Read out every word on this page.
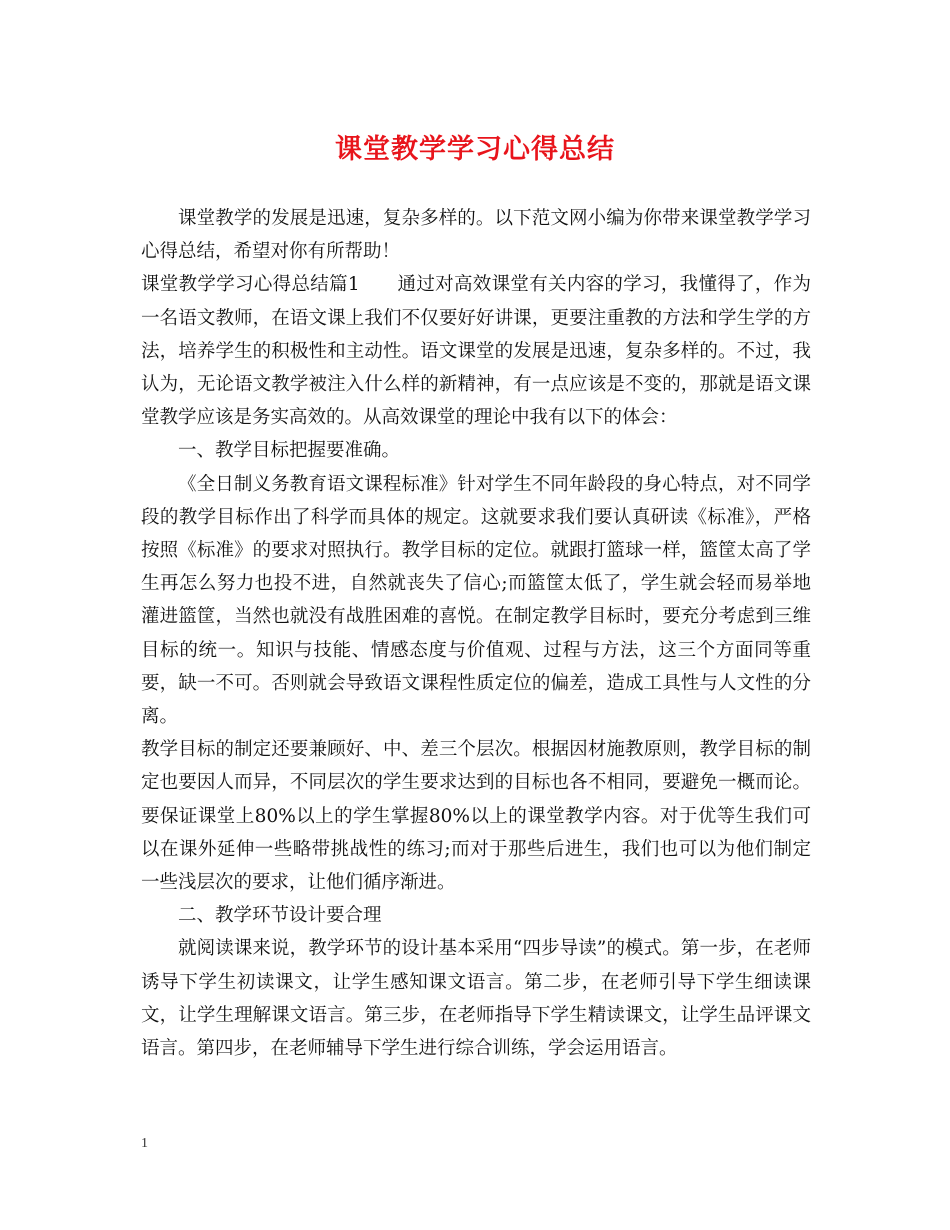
课堂教学学习心得总结

课堂教学的发展是迅速，复杂多样的。以下范文网小编为你带来课堂教学学习心得总结，希望对你有所帮助！

课堂教学学习心得总结篇1　　通过对高效课堂有关内容的学习，我懂得了，作为一名语文教师，在语文课上我们不仅要好好讲课，更要注重教的方法和学生学的方法，培养学生的积极性和主动性。语文课堂的发展是迅速，复杂多样的。不过，我认为，无论语文教学被注入什么样的新精神，有一点应该是不变的，那就是语文课堂教学应该是务实高效的。从高效课堂的理论中我有以下的体会：

一、教学目标把握要准确。

《全日制义务教育语文课程标准》针对学生不同年龄段的身心特点，对不同学段的教学目标作出了科学而具体的规定。这就要求我们要认真研读《标准》，严格按照《标准》的要求对照执行。教学目标的定位。就跟打篮球一样，篮筐太高了学生再怎么努力也投不进，自然就丧失了信心;而篮筐太低了，学生就会轻而易举地灌进篮筐，当然也就没有战胜困难的喜悦。在制定教学目标时，要充分考虑到三维目标的统一。知识与技能、情感态度与价值观、过程与方法，这三个方面同等重要，缺一不可。否则就会导致语文课程性质定位的偏差，造成工具性与人文性的分离。

教学目标的制定还要兼顾好、中、差三个层次。根据因材施教原则，教学目标的制定也要因人而异，不同层次的学生要求达到的目标也各不相同，要避免一概而论。要保证课堂上80%以上的学生掌握80%以上的课堂教学内容。对于优等生我们可以在课外延伸一些略带挑战性的练习;而对于那些后进生，我们也可以为他们制定一些浅层次的要求，让他们循序渐进。

二、教学环节设计要合理

就阅读课来说，教学环节的设计基本采用“四步导读”的模式。第一步，在老师诱导下学生初读课文，让学生感知课文语言。第二步，在老师引导下学生细读课文，让学生理解课文语言。第三步，在老师指导下学生精读课文，让学生品评课文语言。第四步，在老师辅导下学生进行综合训练，学会运用语言。

1
